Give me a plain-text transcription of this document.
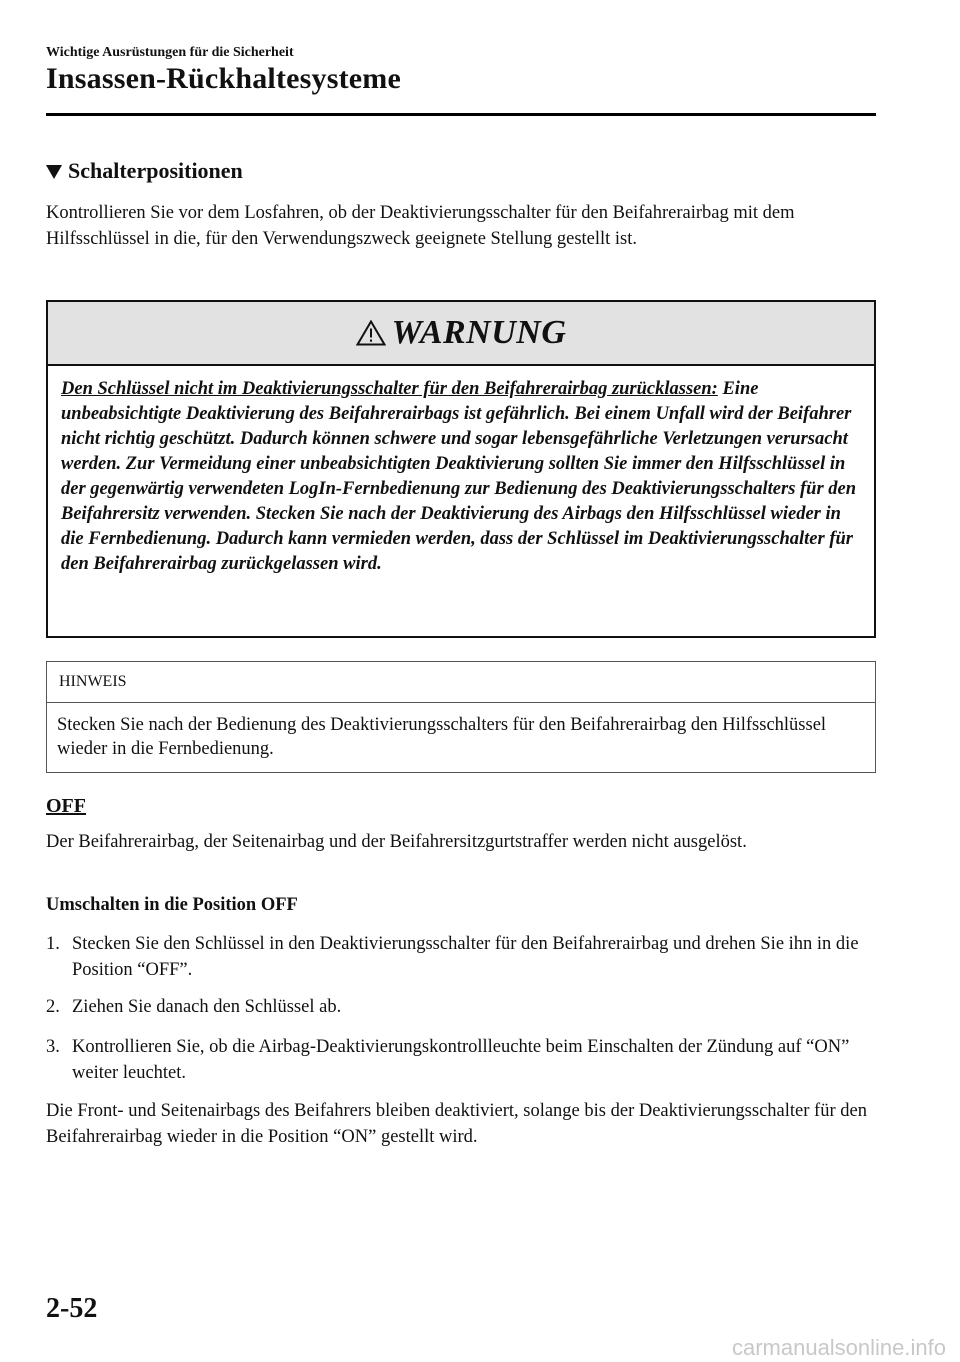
Wichtige Ausrüstungen für die Sicherheit
Insassen-Rückhaltesysteme
Schalterpositionen
Kontrollieren Sie vor dem Losfahren, ob der Deaktivierungsschalter für den Beifahrerairbag mit dem Hilfsschlüssel in die, für den Verwendungszweck geeignete Stellung gestellt ist.
WARNUNG
Den Schlüssel nicht im Deaktivierungsschalter für den Beifahrerairbag zurücklassen: Eine unbeabsichtigte Deaktivierung des Beifahrerairbags ist gefährlich. Bei einem Unfall wird der Beifahrer nicht richtig geschützt. Dadurch können schwere und sogar lebensgefährliche Verletzungen verursacht werden. Zur Vermeidung einer unbeabsichtigten Deaktivierung sollten Sie immer den Hilfsschlüssel in der gegenwärtig verwendeten LogIn-Fernbedienung zur Bedienung des Deaktivierungsschalters für den Beifahrersitz verwenden. Stecken Sie nach der Deaktivierung des Airbags den Hilfsschlüssel wieder in die Fernbedienung. Dadurch kann vermieden werden, dass der Schlüssel im Deaktivierungsschalter für den Beifahrerairbag zurückgelassen wird.
HINWEIS
Stecken Sie nach der Bedienung des Deaktivierungsschalters für den Beifahrerairbag den Hilfsschlüssel wieder in die Fernbedienung.
OFF
Der Beifahrerairbag, der Seitenairbag und der Beifahrersitzgurtstraffer werden nicht ausgelöst.
Umschalten in die Position OFF
1. Stecken Sie den Schlüssel in den Deaktivierungsschalter für den Beifahrerairbag und drehen Sie ihn in die Position “OFF”.
2. Ziehen Sie danach den Schlüssel ab.
3. Kontrollieren Sie, ob die Airbag-Deaktivierungskontrollleuchte beim Einschalten der Zündung auf “ON” weiter leuchtet.
Die Front- und Seitenairbags des Beifahrers bleiben deaktiviert, solange bis der Deaktivierungsschalter für den Beifahrerairbag wieder in die Position “ON” gestellt wird.
2-52
carmanualsonline.info
